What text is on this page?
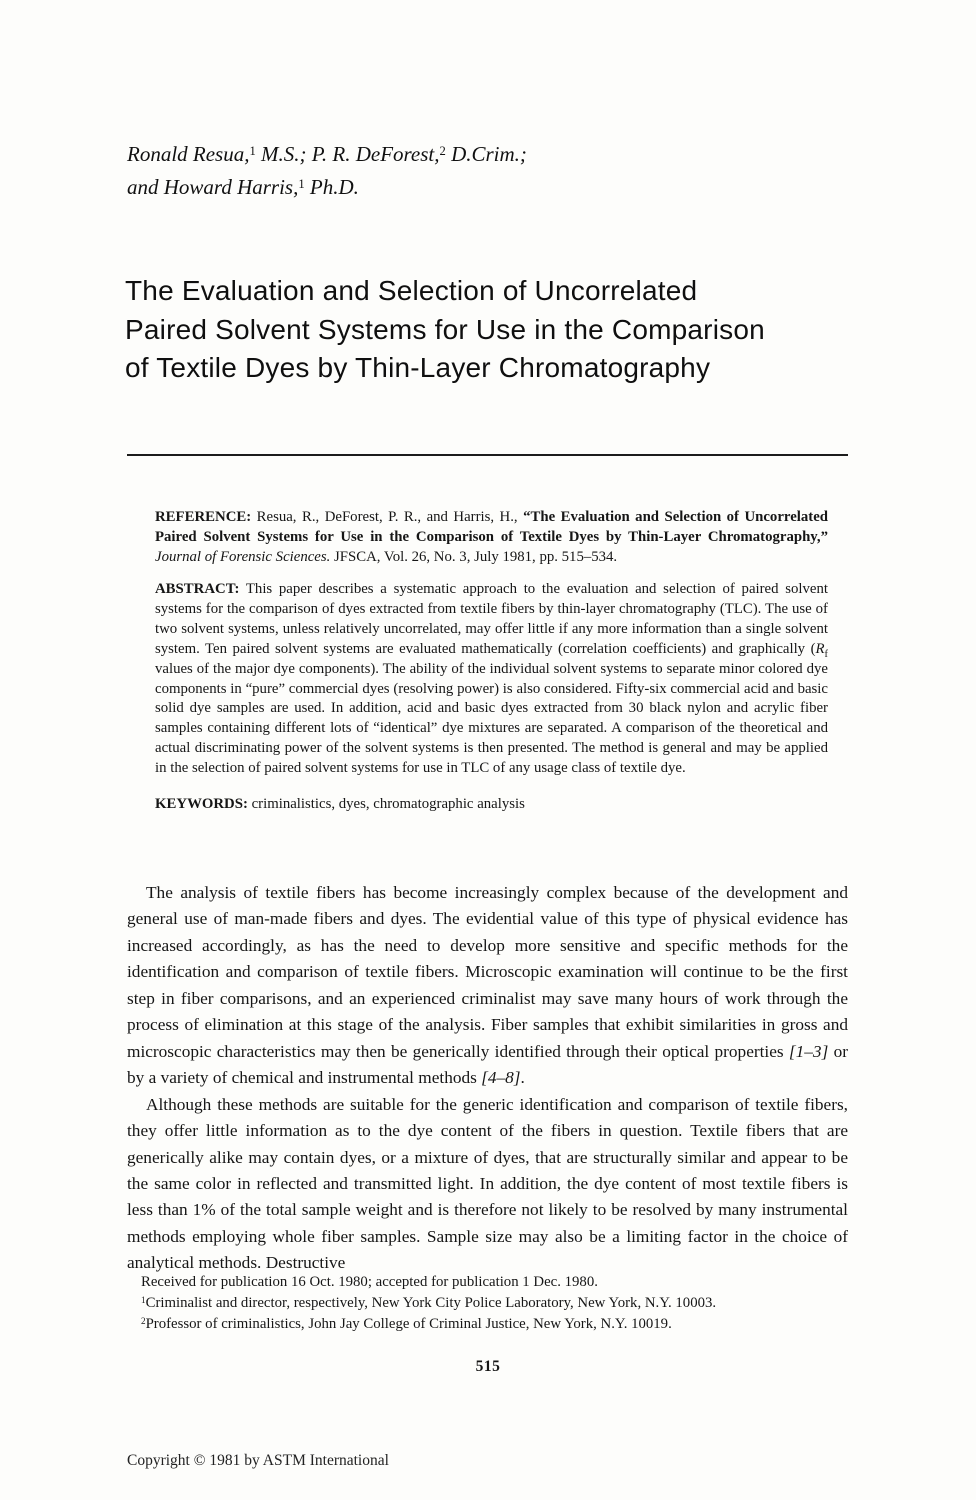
Ronald Resua,$^1$ M.S.; P. R. DeForest,$^2$ D.Crim.;
and Howard Harris,$^1$ Ph.D.
The Evaluation and Selection of Uncorrelated
Paired Solvent Systems for Use in the Comparison
of Textile Dyes by Thin-Layer Chromatography

REFERENCE: Resua, R., DeForest, P. R., and Harris, H., “The Evaluation and Selection of Uncorrelated Paired Solvent Systems for Use in the Comparison of Textile Dyes by Thin-Layer Chromatography,” Journal of Forensic Sciences. JFSCA, Vol. 26, No. 3, July 1981, pp. 515–534.

ABSTRACT: This paper describes a systematic approach to the evaluation and selection of paired solvent systems for the comparison of dyes extracted from textile fibers by thin-layer chromatography (TLC). The use of two solvent systems, unless relatively uncorrelated, may offer little if any more information than a single solvent system. Ten paired solvent systems are evaluated mathematically (correlation coefficients) and graphically ($R_f$ values of the major dye components). The ability of the individual solvent systems to separate minor colored dye components in “pure” commercial dyes (resolving power) is also considered. Fifty-six commercial acid and basic solid dye samples are used. In addition, acid and basic dyes extracted from 30 black nylon and acrylic fiber samples containing different lots of “identical” dye mixtures are separated. A comparison of the theoretical and actual discriminating power of the solvent systems is then presented. The method is general and may be applied in the selection of paired solvent systems for use in TLC of any usage class of textile dye.

KEYWORDS: criminalistics, dyes, chromatographic analysis

The analysis of textile fibers has become increasingly complex because of the development and general use of man-made fibers and dyes. The evidential value of this type of physical evidence has increased accordingly, as has the need to develop more sensitive and specific methods for the identification and comparison of textile fibers. Microscopic examination will continue to be the first step in fiber comparisons, and an experienced criminalist may save many hours of work through the process of elimination at this stage of the analysis. Fiber samples that exhibit similarities in gross and microscopic characteristics may then be generically identified through their optical properties [1–3] or by a variety of chemical and instrumental methods [4–8].

Although these methods are suitable for the generic identification and comparison of textile fibers, they offer little information as to the dye content of the fibers in question. Textile fibers that are generically alike may contain dyes, or a mixture of dyes, that are structurally similar and appear to be the same color in reflected and transmitted light. In addition, the dye content of most textile fibers is less than 1% of the total sample weight and is therefore not likely to be resolved by many instrumental methods employing whole fiber samples. Sample size may also be a limiting factor in the choice of analytical methods. Destructive

Received for publication 16 Oct. 1980; accepted for publication 1 Dec. 1980.

$^1$Criminalist and director, respectively, New York City Police Laboratory, New York, N.Y. 10003.

$^2$Professor of criminalistics, John Jay College of Criminal Justice, New York, N.Y. 10019.

515
Copyright © 1981 by ASTM International
